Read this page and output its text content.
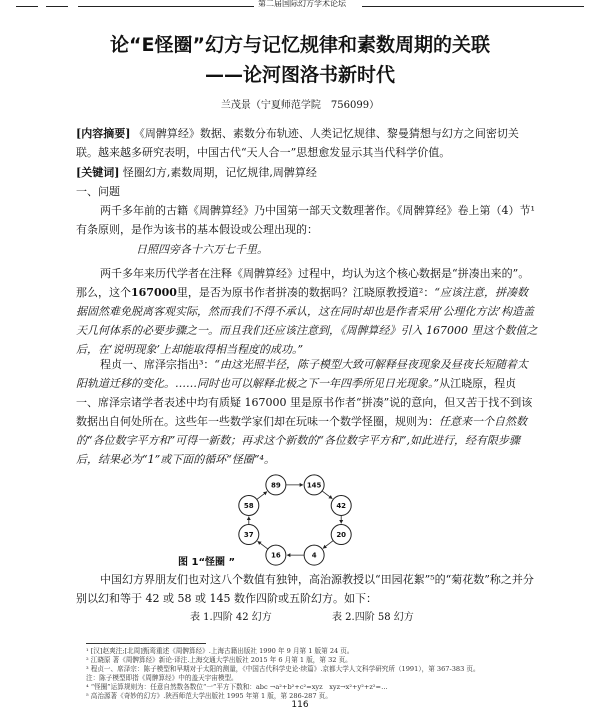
第二届国际幻方学术论坛
论“E怪圈”幻方与记忆规律和素数周期的关联
——论河图洛书新时代
兰茂景（宁夏师范学院　756099）
[内容摘要] 《周髀算经》数据、素数分布轨迹、人类记忆规律、黎曼猜想与幻方之间密切关联。越来越多研究表明，中国古代“天人合一”思想愈发显示其当代科学价值。
[关键词] 怪圈幻方,素数周期，记忆规律,周髀算经
一、问题
两千多年前的古籍《周髀算经》乃中国第一部天文数理著作。《周髀算经》卷上第（4）节¹有条原则，是作为该书的基本假设或公理出现的：
日照四旁各十六万七千里。
两千多年来历代学者在注释《周髀算经》过程中，均认为这个核心数据是“拼凑出来的”。 那么，这个167000里，是否为原书作者拼凑的数据吗？江晓原教授道²：“应该注意，拼凑数据固然难免脱离客观实际，然而我们不得不承认，这在同时却也是作者采用‘公理化方法’构造盖天几何体系的必要步骤之一。而且我们还应该注意到，《周髀算经》引入 167000 里这个数值之后，在‘说明现象’上却能取得相当程度的成功。”
程贞一、席泽宗指出³：“由这光照半径，陈子模型大致可解释昼夜现象及昼夜长短随着太阳轨道迁移的变化。……同时也可以解释北极之下一年四季所见日光现象。”从江晓原，程贞一、席泽宗诸学者表述中均有质疑 167000 里是原书作者“拼凑”说的意向，但又苦于找不到该数据出自何处所在。这些年一些数学家们却在玩味一个数学怪圈，规则为：任意来一个自然数的“各位数字平方和”可得一新数；再求这个新数的“各位数字平方和”,如此进行，经有限步骤后，结果必为“1”或下面的循环“怪圈”⁴。
89	145
42
20
4
16
37
58
图 1“怪圈 ”
中国幻方界朋友们也对这八个数值有独钟，高治源教授以“田园花絮”⁵的“菊花数”称之并分别以幻和等于 42 或 58 或 145 数作四阶或五阶幻方。如下：
表 1.四阶 42 幻方	表 2.四阶 58 幻方
¹ [汉]赵爽注;[北周]甄鸾重述《周髀算经》.上海古籍出版社 1990 年 9 月第 1 版第 24 页。
² 江晓原 著《周髀算经》新论·译注.上海交通大学出版社 2015 年 6 月第 1 版，第 32 页。
³ 程贞一、席泽宗：陈子模型和早期对于太阳的测量，《中国古代科学史论·续篇》.京都大学人文科学研究所（1991），第 367-383 页。
注：陈子模型即指《周髀算经》中的盖天宇宙模型。
⁴ “怪圈”运算规则为：任意自然数各数位“一”平方下数和：abc →a²+b²+c²=xyz　xyz→x²+y²+z²=…
⁵ 高治源著《奇妙的幻方》.陕西师范大学出版社 1995 年第 1 版，第 286-287 页。
116
